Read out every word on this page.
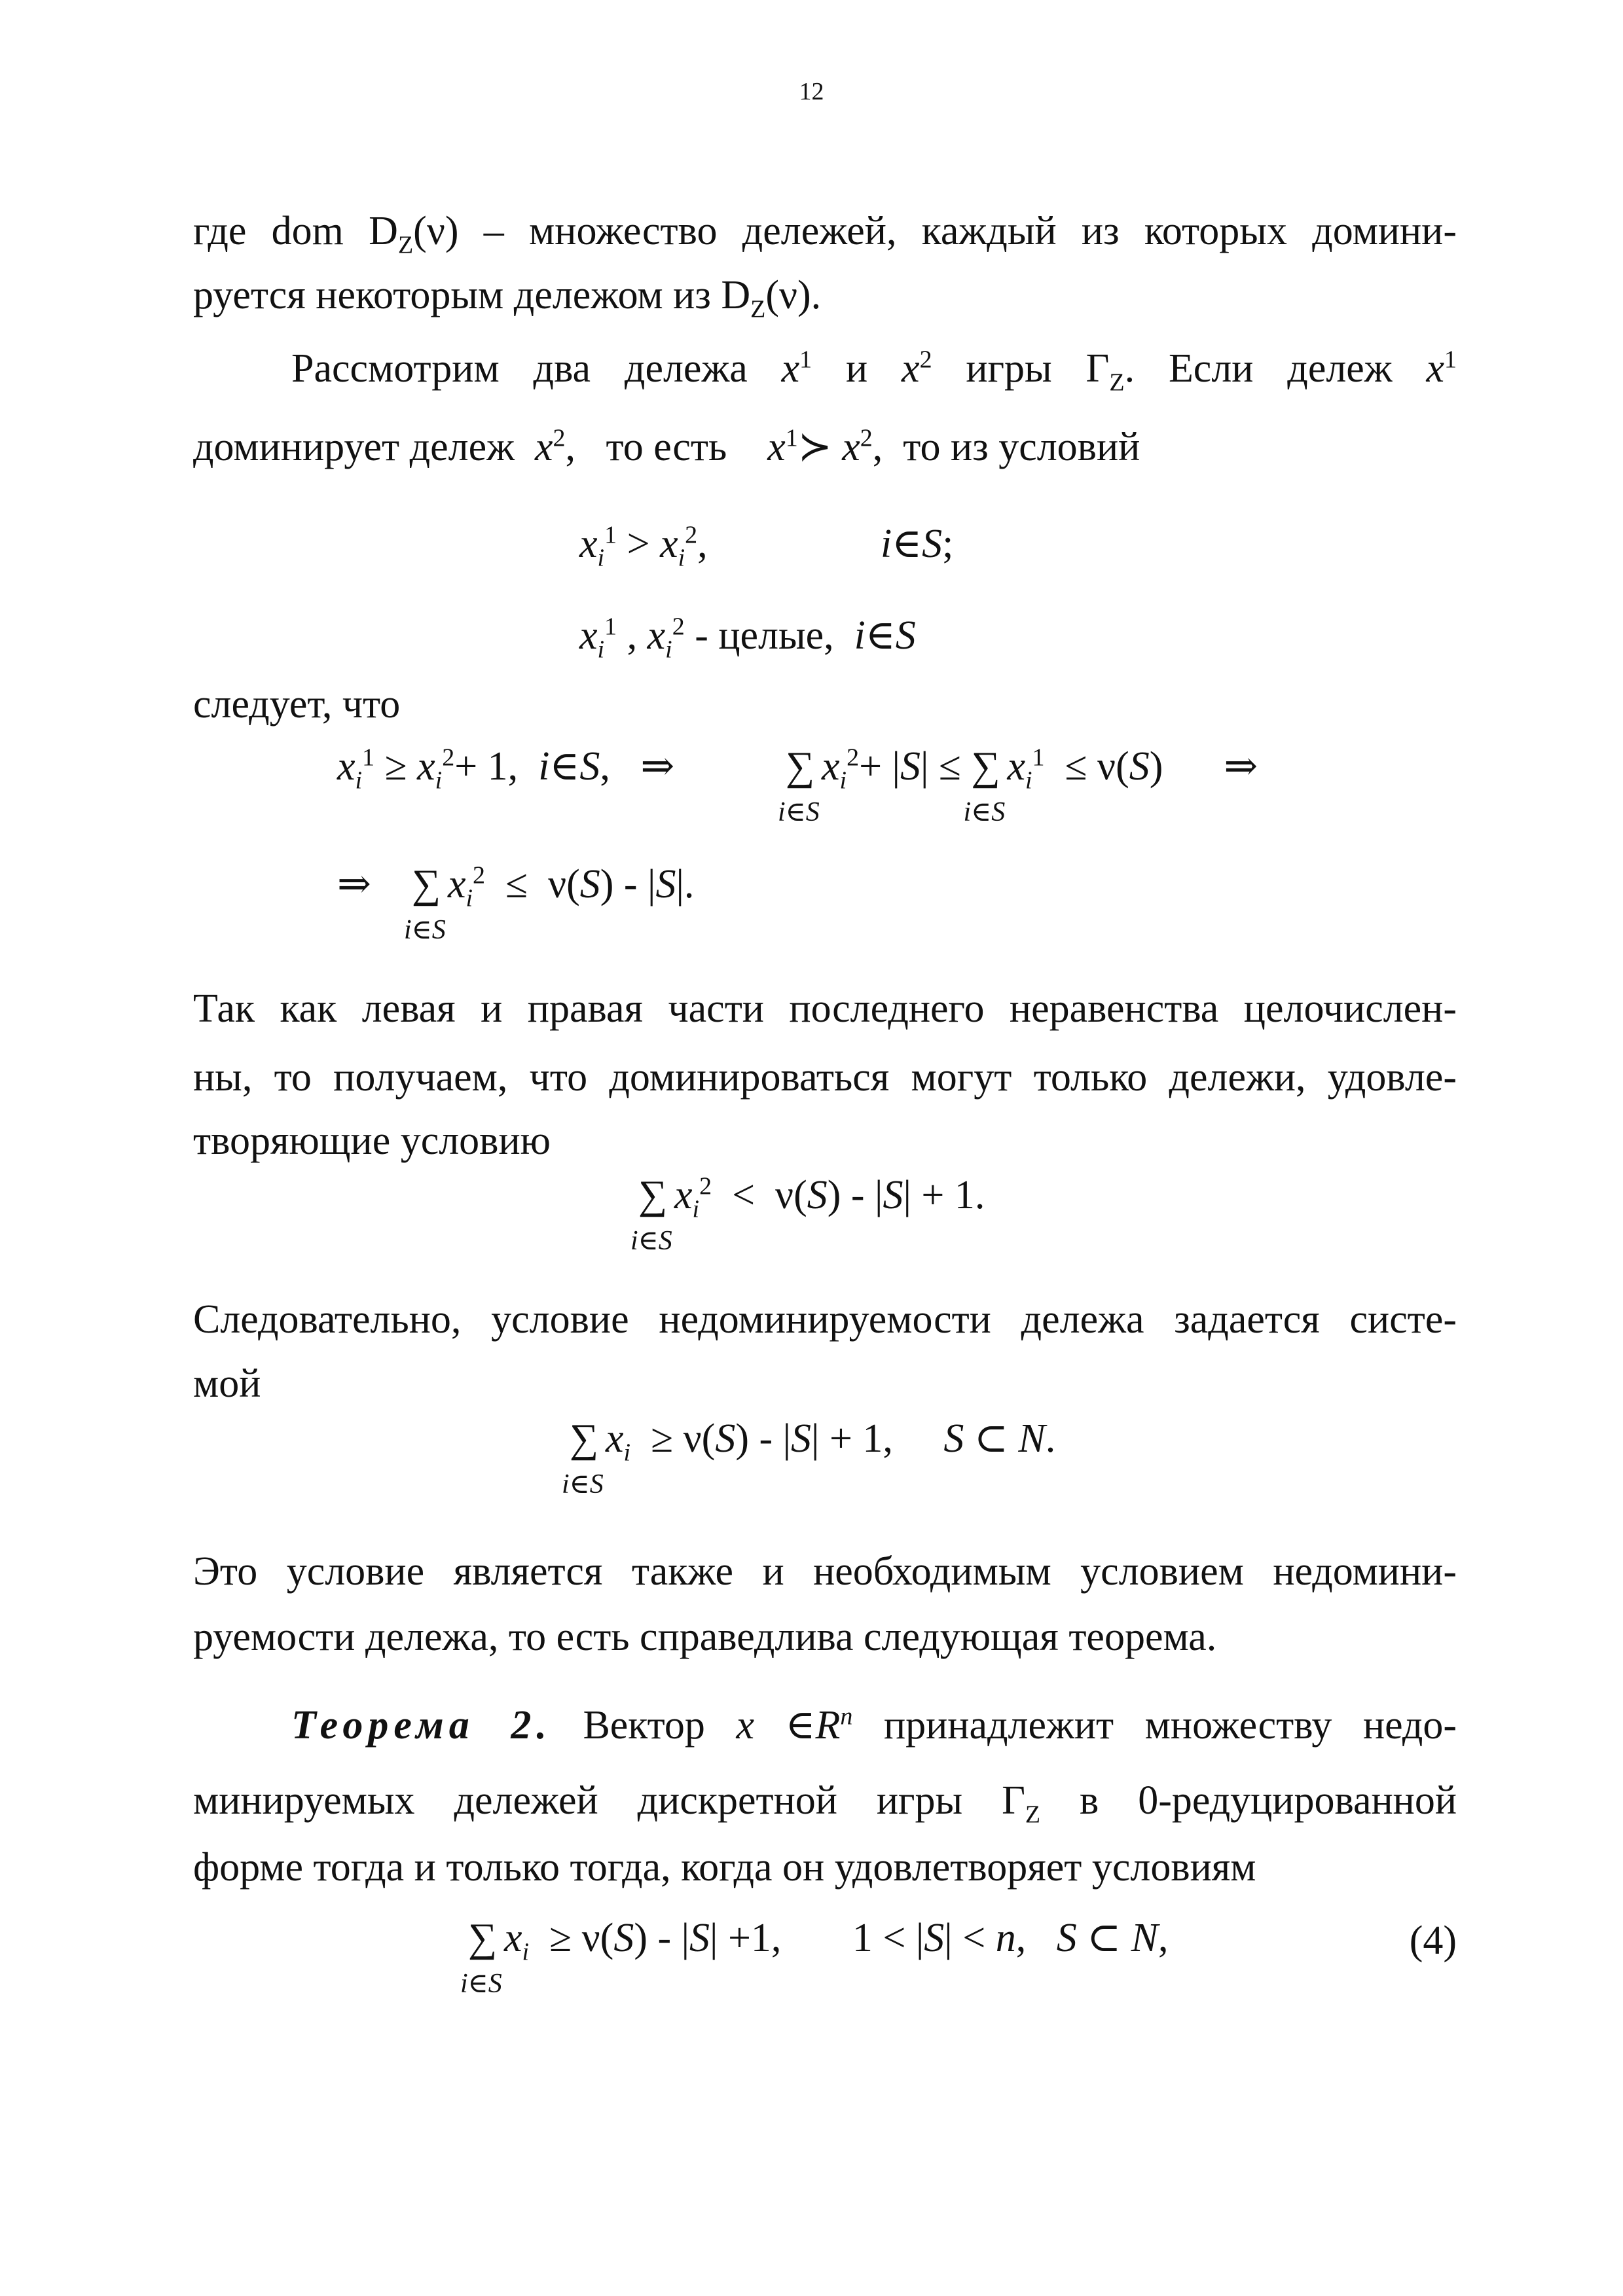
12
где dom $D_Z(\nu)$ – множество дележей, каждый из которых домини-
руется некоторым дележом из $D_Z(\nu)$.
Рассмотрим два дележа $x^1$ и $x^2$ игры $\Gamma_Z$. Если дележ $x^1$
доминирует дележ $x^2$,   то есть $x^1≻$ $x^2$,  то из условий
$x_i^1 > x_i^2$,	i∈S;
$x_i^1$ , $x_i^2$ - целые, i∈S
следует, что
$x_i^1 \ge x_i^2+ 1$,  i∈S,   ⇒	∑
i∈S
$x_i^2+ |S|$ ≤ ∑
i∈S
$x_i^1 \le \nu(S)$      ⇒
⇒    ∑
i∈S
$x_i^2 \le \nu(S) - |S|$.
Так как левая и правая части последнего неравенства целочислен-
ны, то получаем, что доминироваться могут только дележи, удовле-
творяющие условию
∑
i∈S
$x_i^2 < \nu(S) - |S| + 1$.
Следовательно, условие недоминируемости дележа задается систе-
мой
∑
i∈S
$x_i \ge \nu(S) - |S| + 1$,     S ⊂ N.
Это условие является также и необходимым условием недомини-
руемости дележа, то есть справедлива следующая теорема.
Теорема 2. Вектор x $\in R^n$ принадлежит множеству недо-
минируемых дележей дискретной игры $\Gamma_Z$ в 0-редуцированной
форме тогда и только тогда, когда он удовлетворяет условиям
∑
i∈S
$x_i \ge \nu(S) - |S| +1$,       1 < |S| < n,   S ⊂ N,	(4)
